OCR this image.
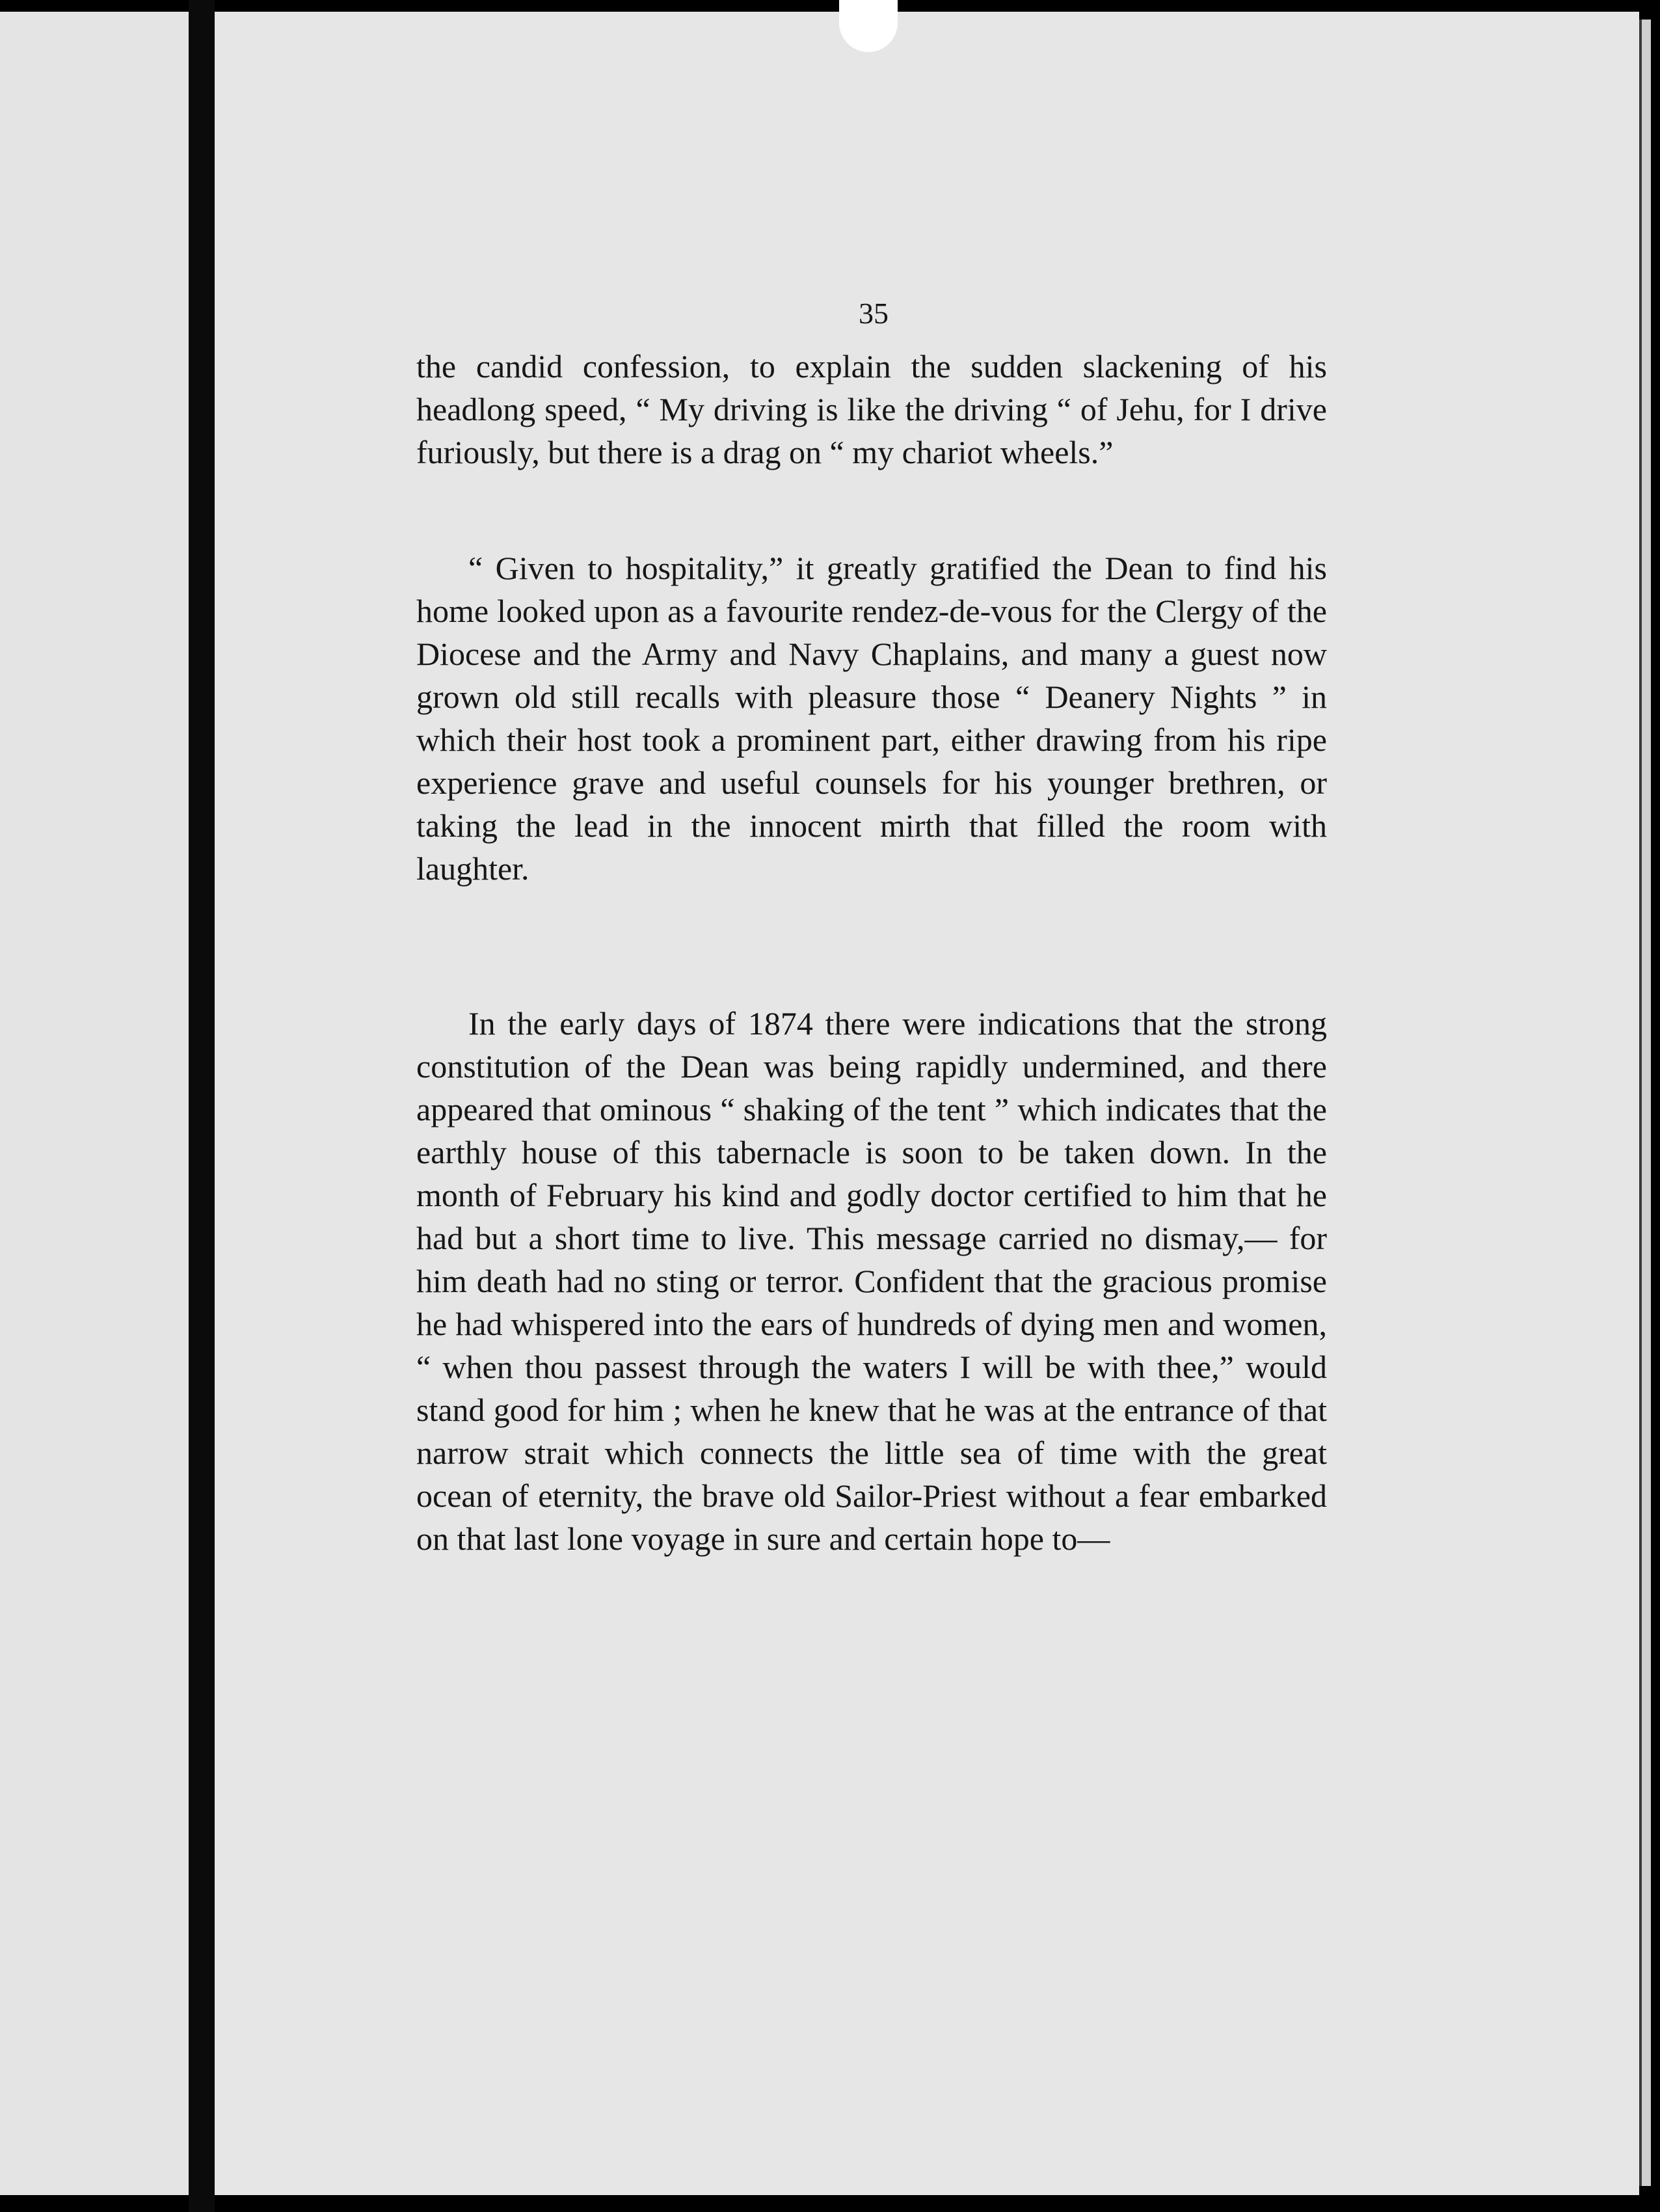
35

the candid confession, to explain the sudden slackening of his headlong speed, “ My driving is like the driving “ of Jehu, for I drive furiously, but there is a drag on “ my chariot wheels.”

“ Given to hospitality,” it greatly gratified the Dean to find his home looked upon as a favourite rendez-de-vous for the Clergy of the Diocese and the Army and Navy Chaplains, and many a guest now grown old still recalls with pleasure those “ Deanery Nights ” in which their host took a prominent part, either drawing from his ripe experience grave and useful counsels for his younger brethren, or taking the lead in the innocent mirth that filled the room with laughter.

In the early days of 1874 there were indications that the strong constitution of the Dean was being rapidly undermined, and there appeared that ominous “ shaking of the tent ” which indicates that the earthly house of this tabernacle is soon to be taken down. In the month of February his kind and godly doctor certified to him that he had but a short time to live. This message carried no dismay,— for him death had no sting or terror. Confident that the gracious promise he had whispered into the ears of hundreds of dying men and women, “ when thou passest through the waters I will be with thee,” would stand good for him ; when he knew that he was at the entrance of that narrow strait which connects the little sea of time with the great ocean of eternity, the brave old Sailor-Priest without a fear embarked on that last lone voyage in sure and certain hope to—
